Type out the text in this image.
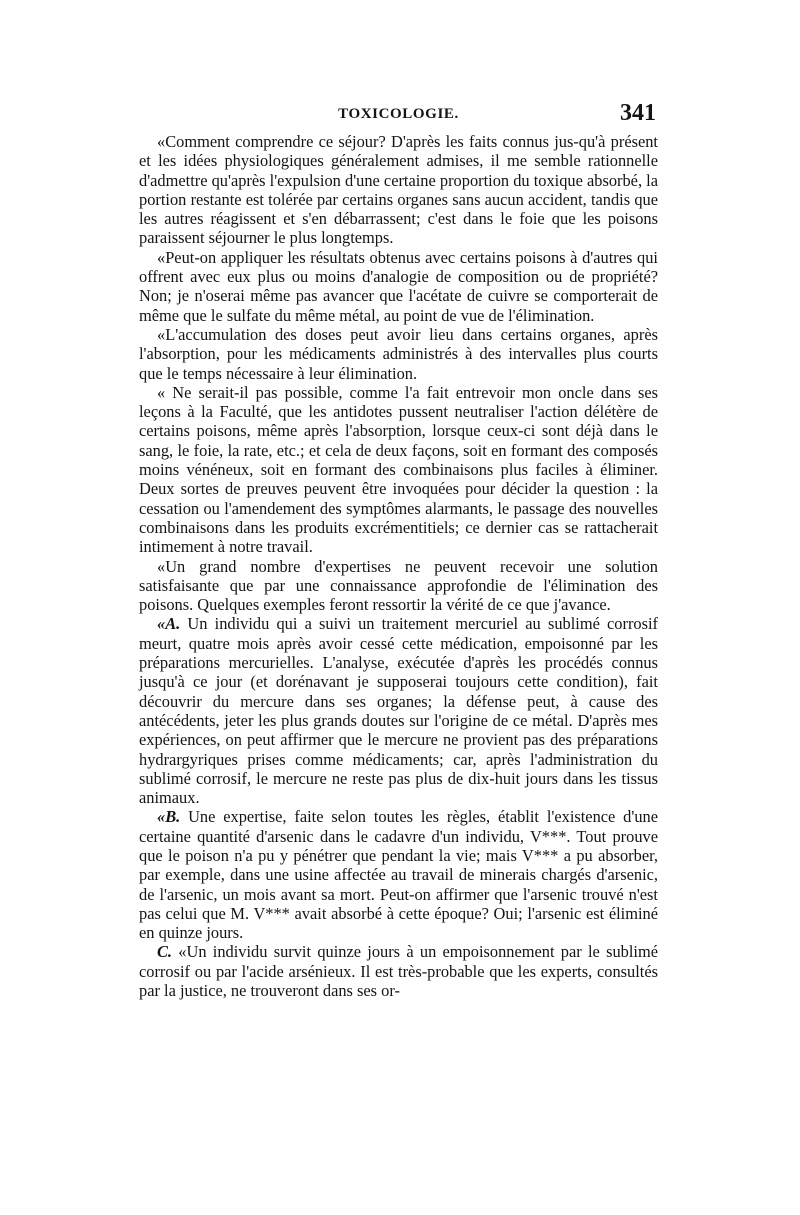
TOXICOLOGIE.	341

«Comment comprendre ce séjour? D'après les faits connus jus-qu'à présent et les idées physiologiques généralement admises, il me semble rationnelle d'admettre qu'après l'expulsion d'une certaine proportion du toxique absorbé, la portion restante est tolérée par certains organes sans aucun accident, tandis que les autres réagissent et s'en débarrassent; c'est dans le foie que les poisons paraissent séjourner le plus longtemps.

«Peut-on appliquer les résultats obtenus avec certains poisons à d'autres qui offrent avec eux plus ou moins d'analogie de composition ou de propriété? Non; je n'oserai même pas avancer que l'acétate de cuivre se comporterait de même que le sulfate du même métal, au point de vue de l'élimination.

«L'accumulation des doses peut avoir lieu dans certains organes, après l'absorption, pour les médicaments administrés à des intervalles plus courts que le temps nécessaire à leur élimination.

« Ne serait-il pas possible, comme l'a fait entrevoir mon oncle dans ses leçons à la Faculté, que les antidotes pussent neutraliser l'action délétère de certains poisons, même après l'absorption, lorsque ceux-ci sont déjà dans le sang, le foie, la rate, etc.; et cela de deux façons, soit en formant des composés moins vénéneux, soit en formant des combinaisons plus faciles à éliminer. Deux sortes de preuves peuvent être invoquées pour décider la question : la cessation ou l'amendement des symptômes alarmants, le passage des nouvelles combinaisons dans les produits excrémentitiels; ce dernier cas se rattacherait intimement à notre travail.

«Un grand nombre d'expertises ne peuvent recevoir une solution satisfaisante que par une connaissance approfondie de l'élimination des poisons. Quelques exemples feront ressortir la vérité de ce que j'avance.

«A. Un individu qui a suivi un traitement mercuriel au sublimé corrosif meurt, quatre mois après avoir cessé cette médication, empoisonné par les préparations mercurielles. L'analyse, exécutée d'après les procédés connus jusqu'à ce jour (et dorénavant je supposerai toujours cette condition), fait découvrir du mercure dans ses organes; la défense peut, à cause des antécédents, jeter les plus grands doutes sur l'origine de ce métal. D'après mes expériences, on peut affirmer que le mercure ne provient pas des préparations hydrargyriques prises comme médicaments; car, après l'administration du sublimé corrosif, le mercure ne reste pas plus de dix-huit jours dans les tissus animaux.

«B. Une expertise, faite selon toutes les règles, établit l'existence d'une certaine quantité d'arsenic dans le cadavre d'un individu, V***. Tout prouve que le poison n'a pu y pénétrer que pendant la vie; mais V*** a pu absorber, par exemple, dans une usine affectée au travail de minerais chargés d'arsenic, de l'arsenic, un mois avant sa mort. Peut-on affirmer que l'arsenic trouvé n'est pas celui que M. V*** avait absorbé à cette époque? Oui; l'arsenic est éliminé en quinze jours.

C. «Un individu survit quinze jours à un empoisonnement par le sublimé corrosif ou par l'acide arsénieux. Il est très-probable que les experts, consultés par la justice, ne trouveront dans ses or-
